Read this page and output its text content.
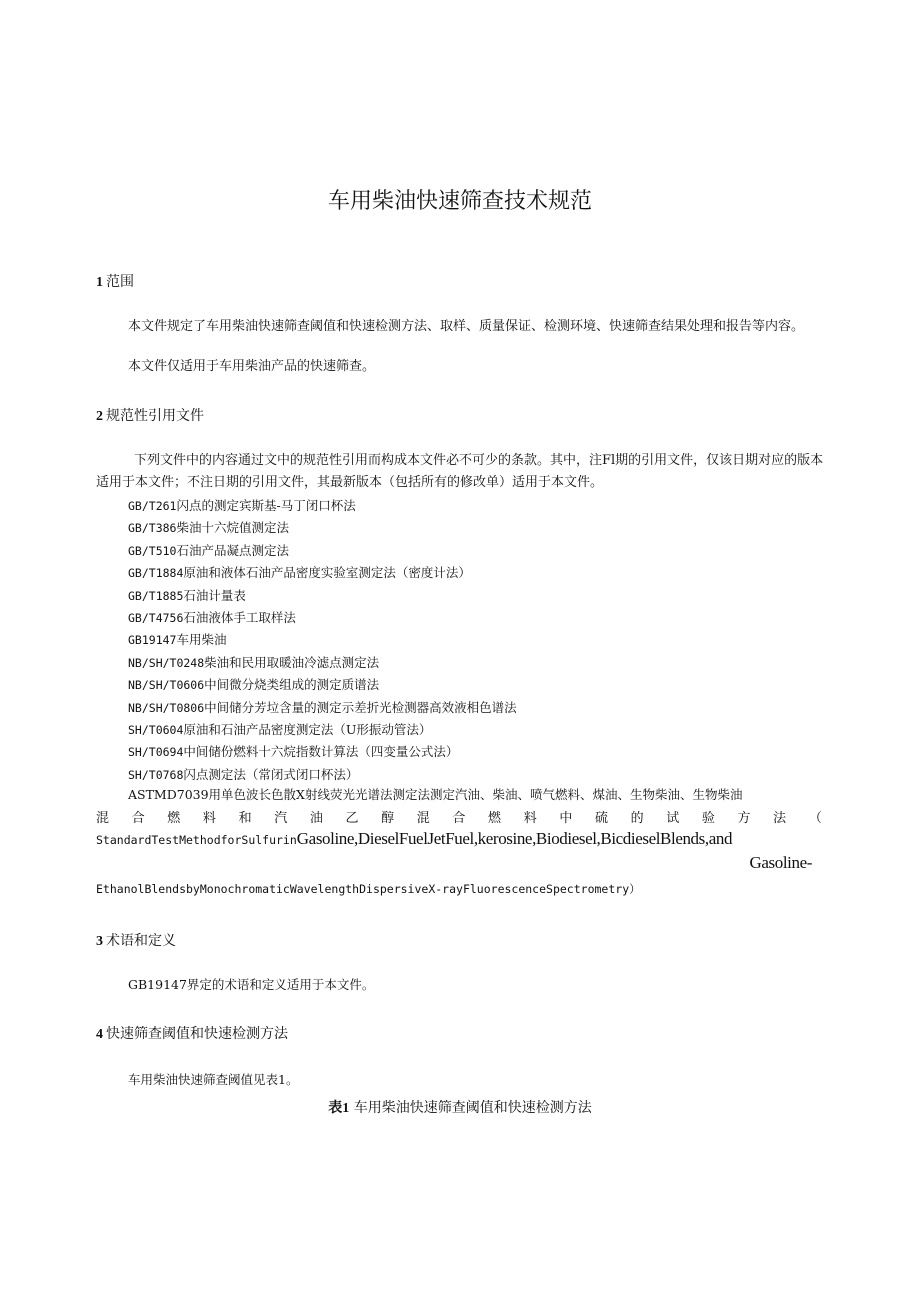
车用柴油快速筛查技术规范
1 范围
本文件规定了车用柴油快速筛查阈值和快速检测方法、取样、质量保证、检测环境、快速筛查结果处理和报告等内容。
本文件仅适用于车用柴油产品的快速筛查。
2 规范性引用文件
下列文件中的内容通过文中的规范性引用而构成本文件必不可少的条款。其中，注Fl期的引用文件，仅该日期对应的版本适用于本文件；不注日期的引用文件，其最新版本（包括所有的修改单）适用于本文件。
GB/T261闪点的测定宾斯基-马丁闭口杯法
GB/T386柴油十六烷值测定法
GB/T510石油产品凝点测定法
GB/T1884原油和液体石油产品密度实验室测定法（密度计法）
GB/T1885石油计量表
GB/T4756石油液体手工取样法
GB19147车用柴油
NB/SH/T0248柴油和民用取暖油冷滤点测定法
NB/SH/T0606中间微分烧类组成的测定质谱法
NB/SH/T0806中间储分芳垃含量的测定示差折光检测器高效液相色谱法
SH/T0604原油和石油产品密度测定法（U形振动管法）
SH/T0694中间储份燃料十六烷指数计算法（四变量公式法）
SH/T0768闪点测定法（常闭式闭口杯法）
ASTMD7039用单色波长色散X射线荧光光谱法测定法测定汽油、柴油、喷气燃料、煤油、生物柴油、生物柴油
混 合 燃 料 和 汽 油 乙 醇 混 合 燃 料 中 硫 的 试 验 方 法 （
StandardTestMethodforSulfurinGasoline,DieselFuelJetFuel,kerosine,Biodiesel,BicdieselBlends,and
Gasoline-
EthanolBlendsbyMonochromaticWavelengthDispersiveX-rayFluorescenceSpectrometry）
3 术语和定义
GB19147界定的术语和定义适用于本文件。
4 快速筛查阈值和快速检测方法
车用柴油快速筛查阈值见表1。
表1 车用柴油快速筛查阈值和快速检测方法
